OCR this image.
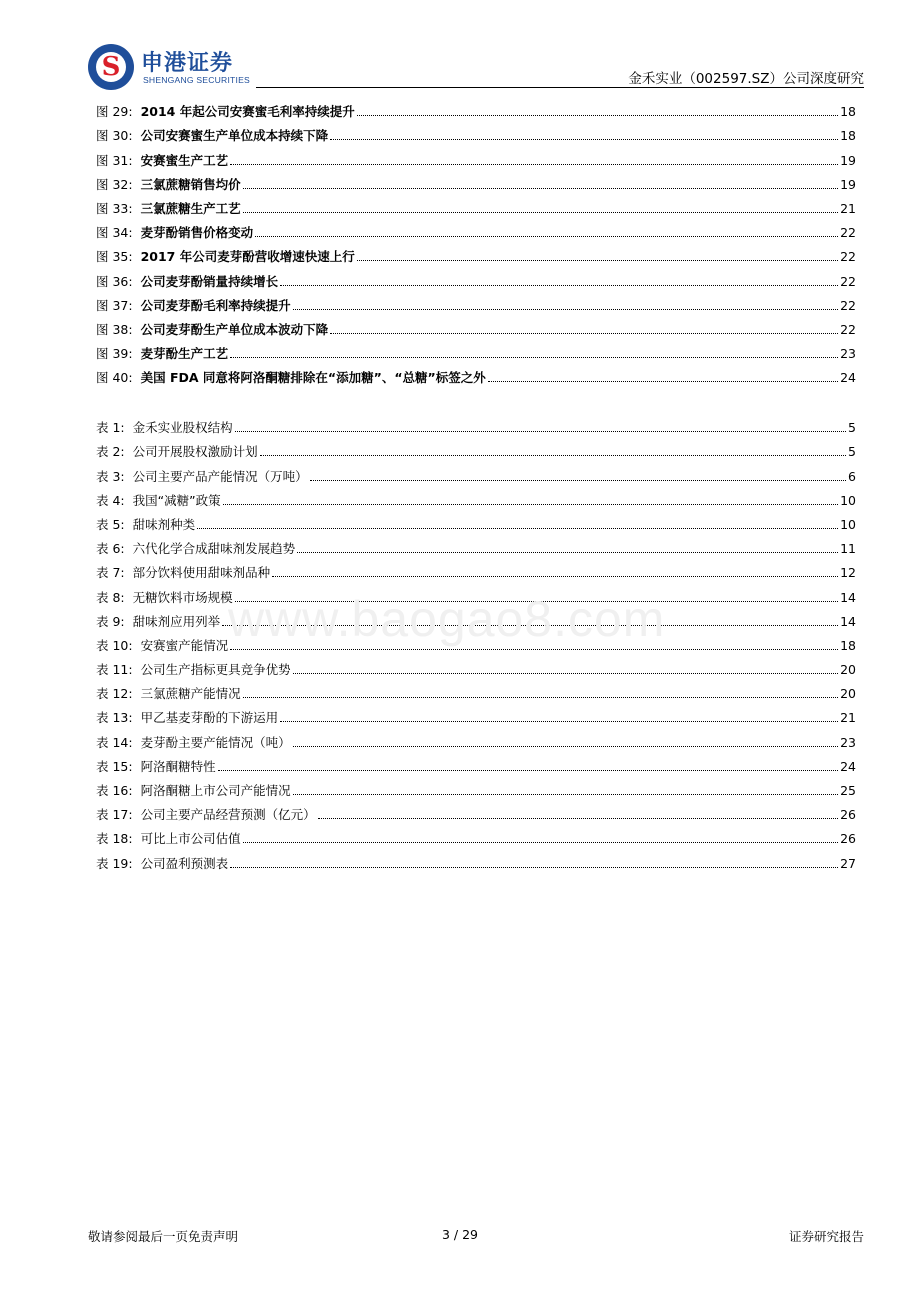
S 申港证券
SHENGANG SECURITIES	金禾实业（002597.SZ）公司深度研究
图 29: 2014 年起公司安赛蜜毛利率持续提升	18
图 30: 公司安赛蜜生产单位成本持续下降	18
图 31: 安赛蜜生产工艺	19
图 32: 三氯蔗糖销售均价	19
图 33: 三氯蔗糖生产工艺	21
图 34: 麦芽酚销售价格变动	22
图 35: 2017 年公司麦芽酚营收增速快速上行	22
图 36: 公司麦芽酚销量持续增长	22
图 37: 公司麦芽酚毛利率持续提升	22
图 38: 公司麦芽酚生产单位成本波动下降	22
图 39: 麦芽酚生产工艺	23
图 40: 美国 FDA 同意将阿洛酮糖排除在“添加糖”、“总糖”标签之外	24
表 1: 金禾实业股权结构	5
表 2: 公司开展股权激励计划	5
表 3: 公司主要产品产能情况（万吨）	6
表 4: 我国“减糖”政策	10
表 5: 甜味剂种类	10
表 6: 六代化学合成甜味剂发展趋势	11
表 7: 部分饮料使用甜味剂品种	12
表 8: 无糖饮料市场规模	14
表 9: 甜味剂应用列举	14
表 10: 安赛蜜产能情况	18
表 11: 公司生产指标更具竞争优势	20
表 12: 三氯蔗糖产能情况	20
表 13: 甲乙基麦芽酚的下游运用	21
表 14: 麦芽酚主要产能情况（吨）	23
表 15: 阿洛酮糖特性	24
表 16: 阿洛酮糖上市公司产能情况	25
表 17: 公司主要产品经营预测（亿元）	26
表 18: 可比上市公司估值	26
表 19: 公司盈利预测表	27
www.baogao8.com
敬请参阅最后一页免责声明	3 / 29	证券研究报告
